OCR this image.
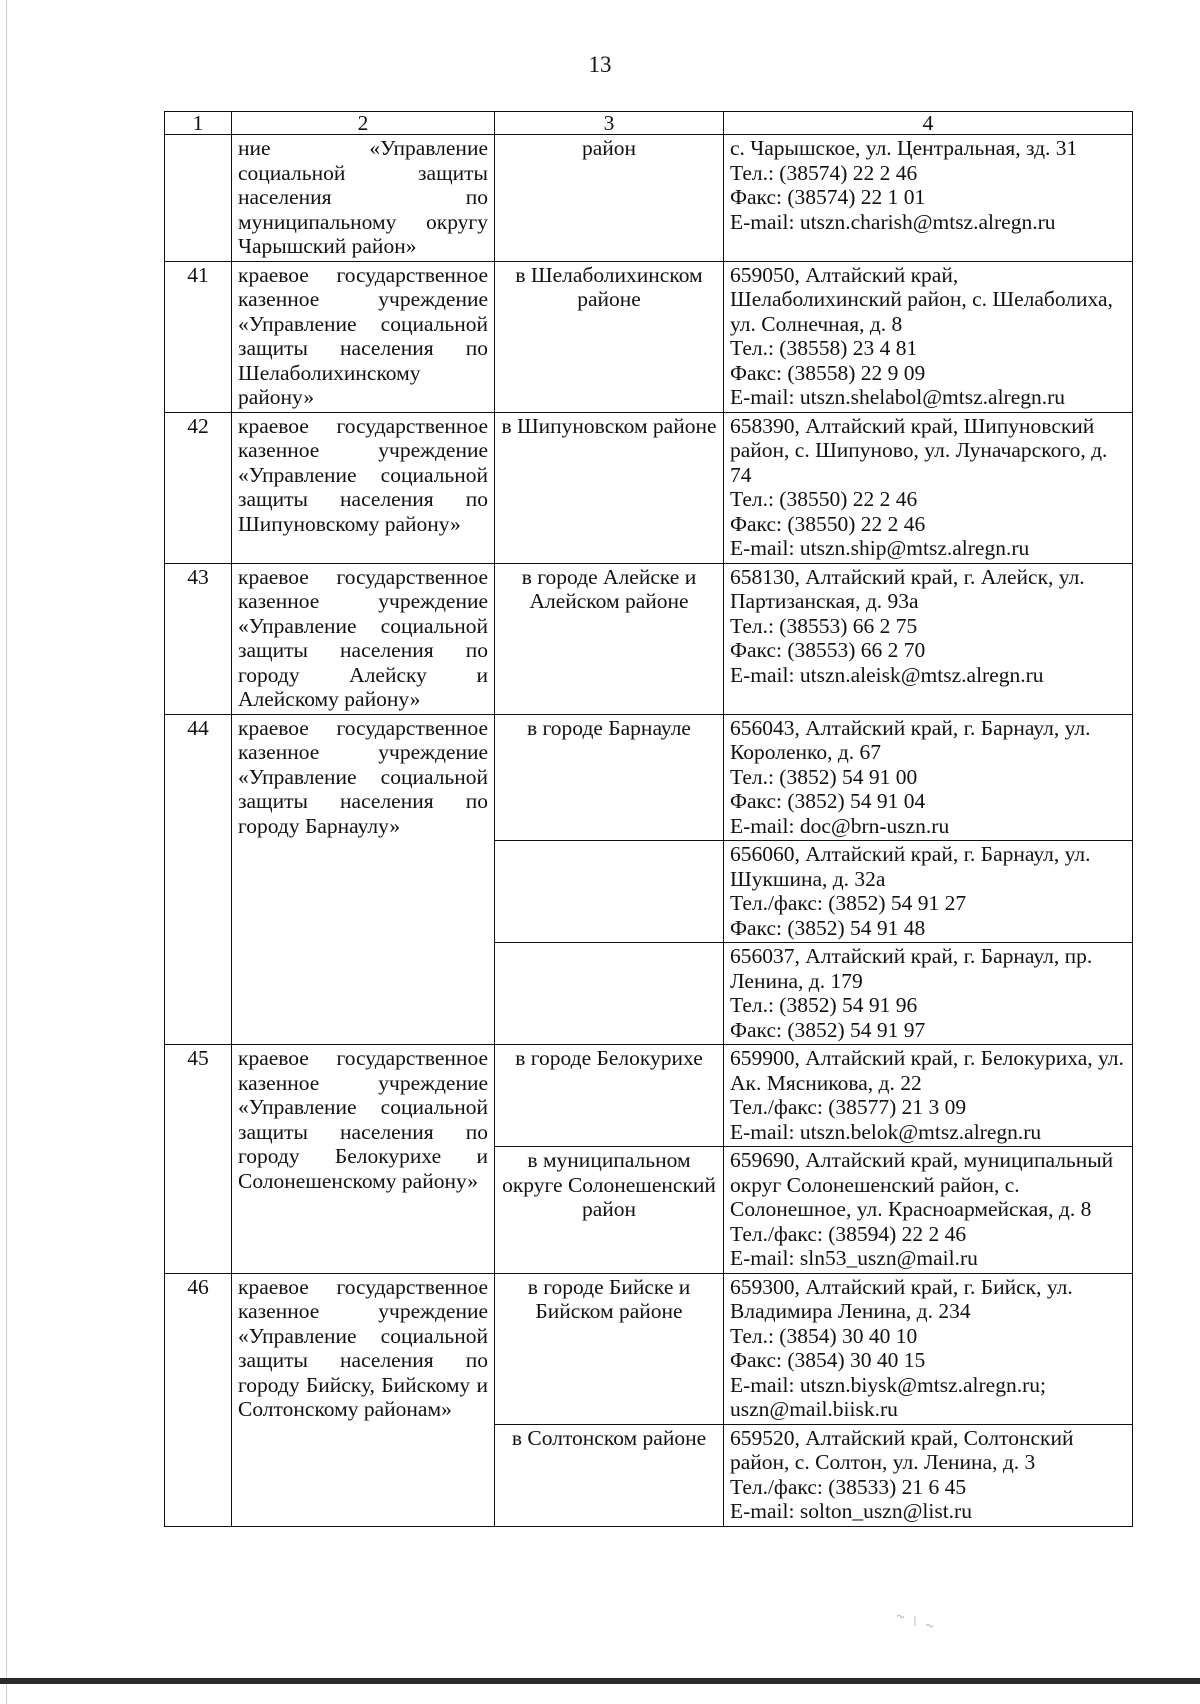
13
1	2	3	4
	ние «Управление социальной защиты населения по муниципальному округу Чарышский район»	район	с. Чарышское, ул. Центральная, зд. 31
Тел.: (38574) 22 2 46
Факс: (38574) 22 1 01
E-mail: utszn.charish@mtsz.alregn.ru

41	краевое государственное казенное учреждение «Управление социальной защиты населения по Шелаболихинскому району»	в Шелаболихинском районе	659050, Алтайский край, Шелаболихинский район, с. Шелаболиха, ул. Солнечная, д. 8
Тел.: (38558) 23 4 81
Факс: (38558) 22 9 09
E-mail: utszn.shelabol@mtsz.alregn.ru

42	краевое государственное казенное учреждение «Управление социальной защиты населения по Шипуновскому району»	в Шипуновском районе	658390, Алтайский край, Шипуновский район, с. Шипуново, ул. Луначарского, д. 74
Тел.: (38550) 22 2 46
Факс: (38550) 22 2 46
E-mail: utszn.ship@mtsz.alregn.ru

43	краевое государственное казенное учреждение «Управление социальной защиты населения по городу Алейску и Алейскому району»	в городе Алейске и Алейском районе	658130, Алтайский край, г. Алейск, ул. Партизанская, д. 93а
Тел.: (38553) 66 2 75
Факс: (38553) 66 2 70
E-mail: utszn.aleisk@mtsz.alregn.ru

44	краевое государственное казенное учреждение «Управление социальной защиты населения по городу Барнаулу»	в городе Барнауле	656043, Алтайский край, г. Барнаул, ул. Короленко, д. 67
Тел.: (3852) 54 91 00
Факс: (3852) 54 91 04
E-mail: doc@brn-uszn.ru

			656060, Алтайский край, г. Барнаул, ул. Шукшина, д. 32а
Тел./факс: (3852) 54 91 27
Факс: (3852) 54 91 48

			656037, Алтайский край, г. Барнаул, пр. Ленина, д. 179
Тел.: (3852) 54 91 96
Факс: (3852) 54 91 97

45	краевое государственное казенное учреждение «Управление социальной защиты населения по городу Белокурихе и Солонешенскому району»	в городе Белокурихе	659900, Алтайский край, г. Белокуриха, ул. Ак. Мясникова, д. 22
Тел./факс: (38577) 21 3 09
E-mail: utszn.belok@mtsz.alregn.ru

		в муниципальном округе Солонешенский район	659690, Алтайский край, муниципальный округ Солонешенский район, с. Солонешное, ул. Красноармейская, д. 8
Тел./факс: (38594) 22 2 46
E-mail: sln53_uszn@mail.ru

46	краевое государственное казенное учреждение «Управление социальной защиты населения по городу Бийску, Бийскому и Солтонскому районам»	в городе Бийске и Бийском районе	659300, Алтайский край, г. Бийск, ул. Владимира Ленина, д. 234
Тел.: (3854) 30 40 10
Факс: (3854) 30 40 15
E-mail: utszn.biysk@mtsz.alregn.ru;
uszn@mail.biisk.ru

		в Солтонском районе	659520, Алтайский край, Солтонский район, с. Солтон, ул. Ленина, д. 3
Тел./факс: (38533) 21 6 45
E-mail: solton_uszn@list.ru
~ \ ~
